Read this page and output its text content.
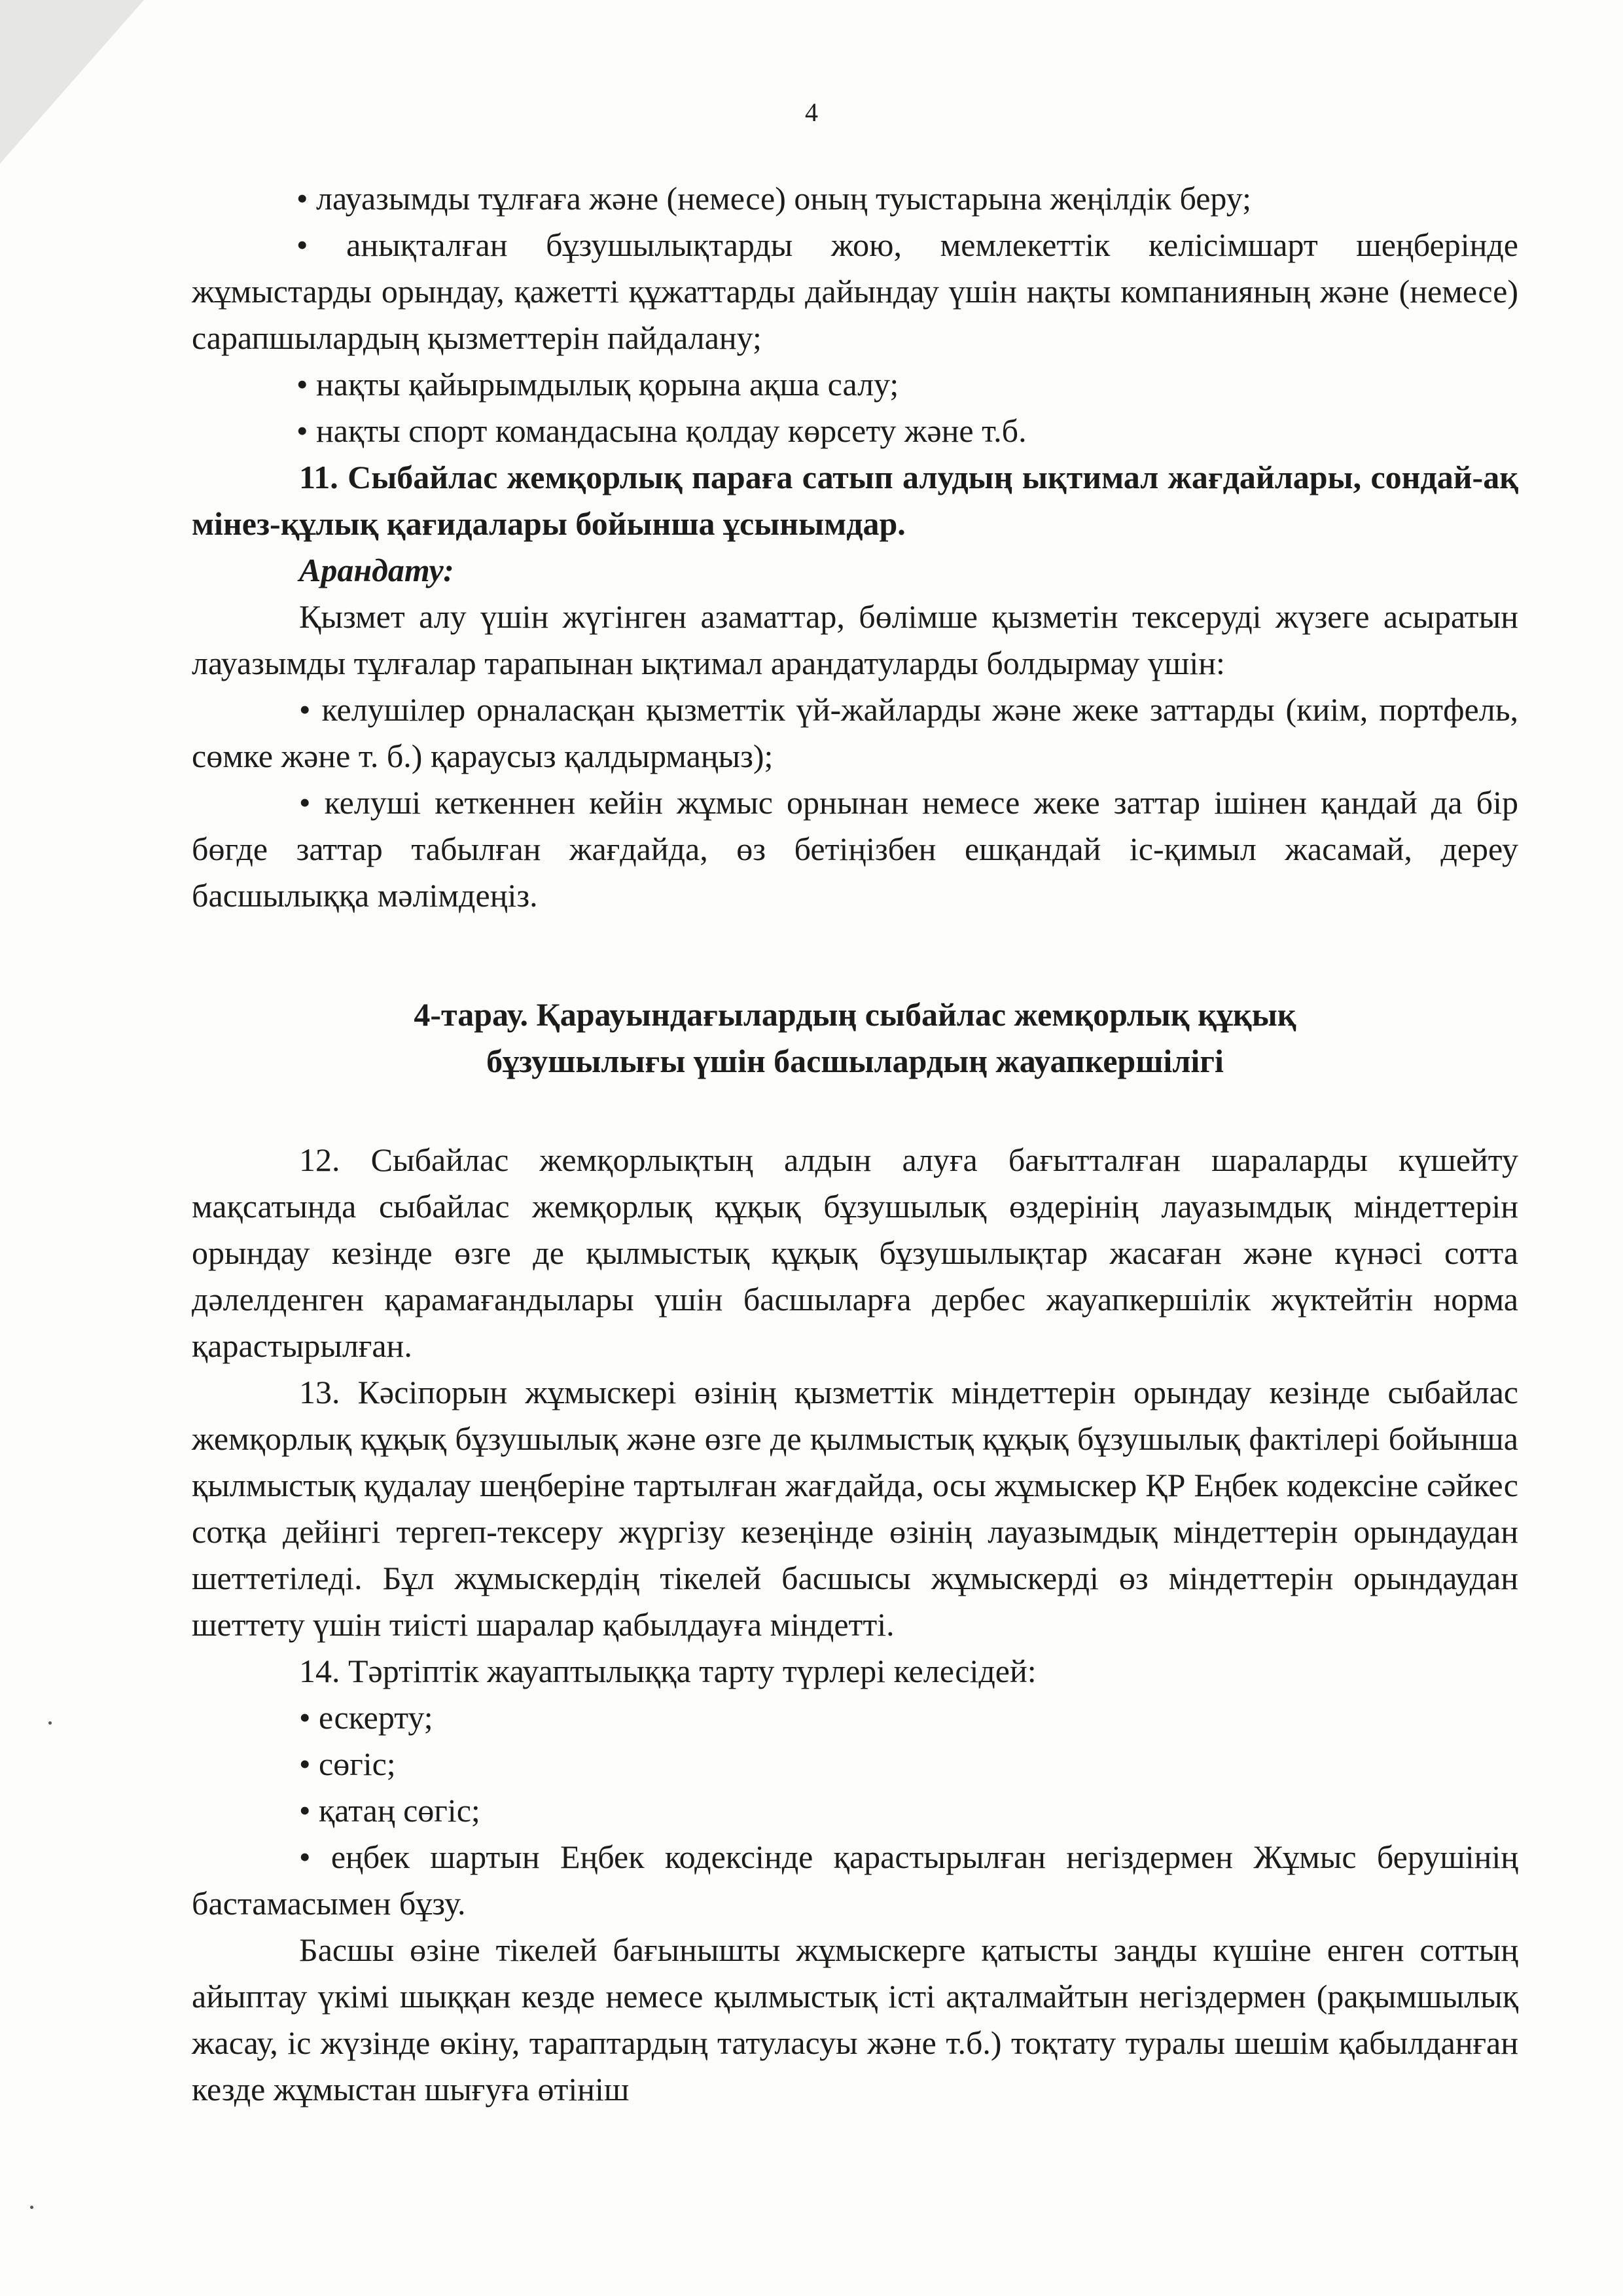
4

• лауазымды тұлғаға және (немесе) оның туыстарына жеңілдік беру;

• анықталған бұзушылықтарды жою, мемлекеттік келісімшарт шеңберінде жұмыстарды орындау, қажетті құжаттарды дайындау үшін нақты компанияның және (немесе) сарапшылардың қызметтерін пайдалану;

• нақты қайырымдылық қорына ақша салу;

• нақты спорт командасына қолдау көрсету және т.б.

11. Сыбайлас жемқорлық параға сатып алудың ықтимал жағдайлары, сондай-ақ мінез-құлық қағидалары бойынша ұсынымдар.

Арандату:

Қызмет алу үшін жүгінген азаматтар, бөлімше қызметін тексеруді жүзеге асыратын лауазымды тұлғалар тарапынан ықтимал арандатуларды болдырмау үшін:

• келушілер орналасқан қызметтік үй-жайларды және жеке заттарды (киім, портфель, сөмке және т. б.) қараусыз қалдырмаңыз);

• келуші кеткеннен кейін жұмыс орнынан немесе жеке заттар ішінен қандай да бір бөгде заттар табылған жағдайда, өз бетіңізбен ешқандай іс-қимыл жасамай, дереу басшылыққа мәлімдеңіз.

4-тарау. Қарауындағылардың сыбайлас жемқорлық құқық
бұзушылығы үшін басшылардың жауапкершілігі

12. Сыбайлас жемқорлықтың алдын алуға бағытталған шараларды күшейту мақсатында сыбайлас жемқорлық құқық бұзушылық өздерінің лауазымдық міндеттерін орындау кезінде өзге де қылмыстық құқық бұзушылықтар жасаған және күнәсі сотта дәлелденген қарамағандылары үшін басшыларға дербес жауапкершілік жүктейтін норма қарастырылған.

13. Кәсіпорын жұмыскері өзінің қызметтік міндеттерін орындау кезінде сыбайлас жемқорлық құқық бұзушылық және өзге де қылмыстық құқық бұзушылық фактілері бойынша қылмыстық қудалау шеңберіне тартылған жағдайда, осы жұмыскер ҚР Еңбек кодексіне сәйкес сотқа дейінгі тергеп-тексеру жүргізу кезеңінде өзінің лауазымдық міндеттерін орындаудан шеттетіледі. Бұл жұмыскердің тікелей басшысы жұмыскерді өз міндеттерін орындаудан шеттету үшін тиісті шаралар қабылдауға міндетті.

14. Тәртіптік жауаптылыққа тарту түрлері келесідей:

• ескерту;

• сөгіс;

• қатаң сөгіс;

• еңбек шартын Еңбек кодексінде қарастырылған негіздермен Жұмыс берушінің бастамасымен бұзу.

Басшы өзіне тікелей бағынышты жұмыскерге қатысты заңды күшіне енген соттың айыптау үкімі шыққан кезде немесе қылмыстық істі ақталмайтын негіздермен (рақымшылық жасау, іс жүзінде өкіну, тараптардың татуласуы және т.б.) тоқтату туралы шешім қабылданған кезде жұмыстан шығуға өтініш
